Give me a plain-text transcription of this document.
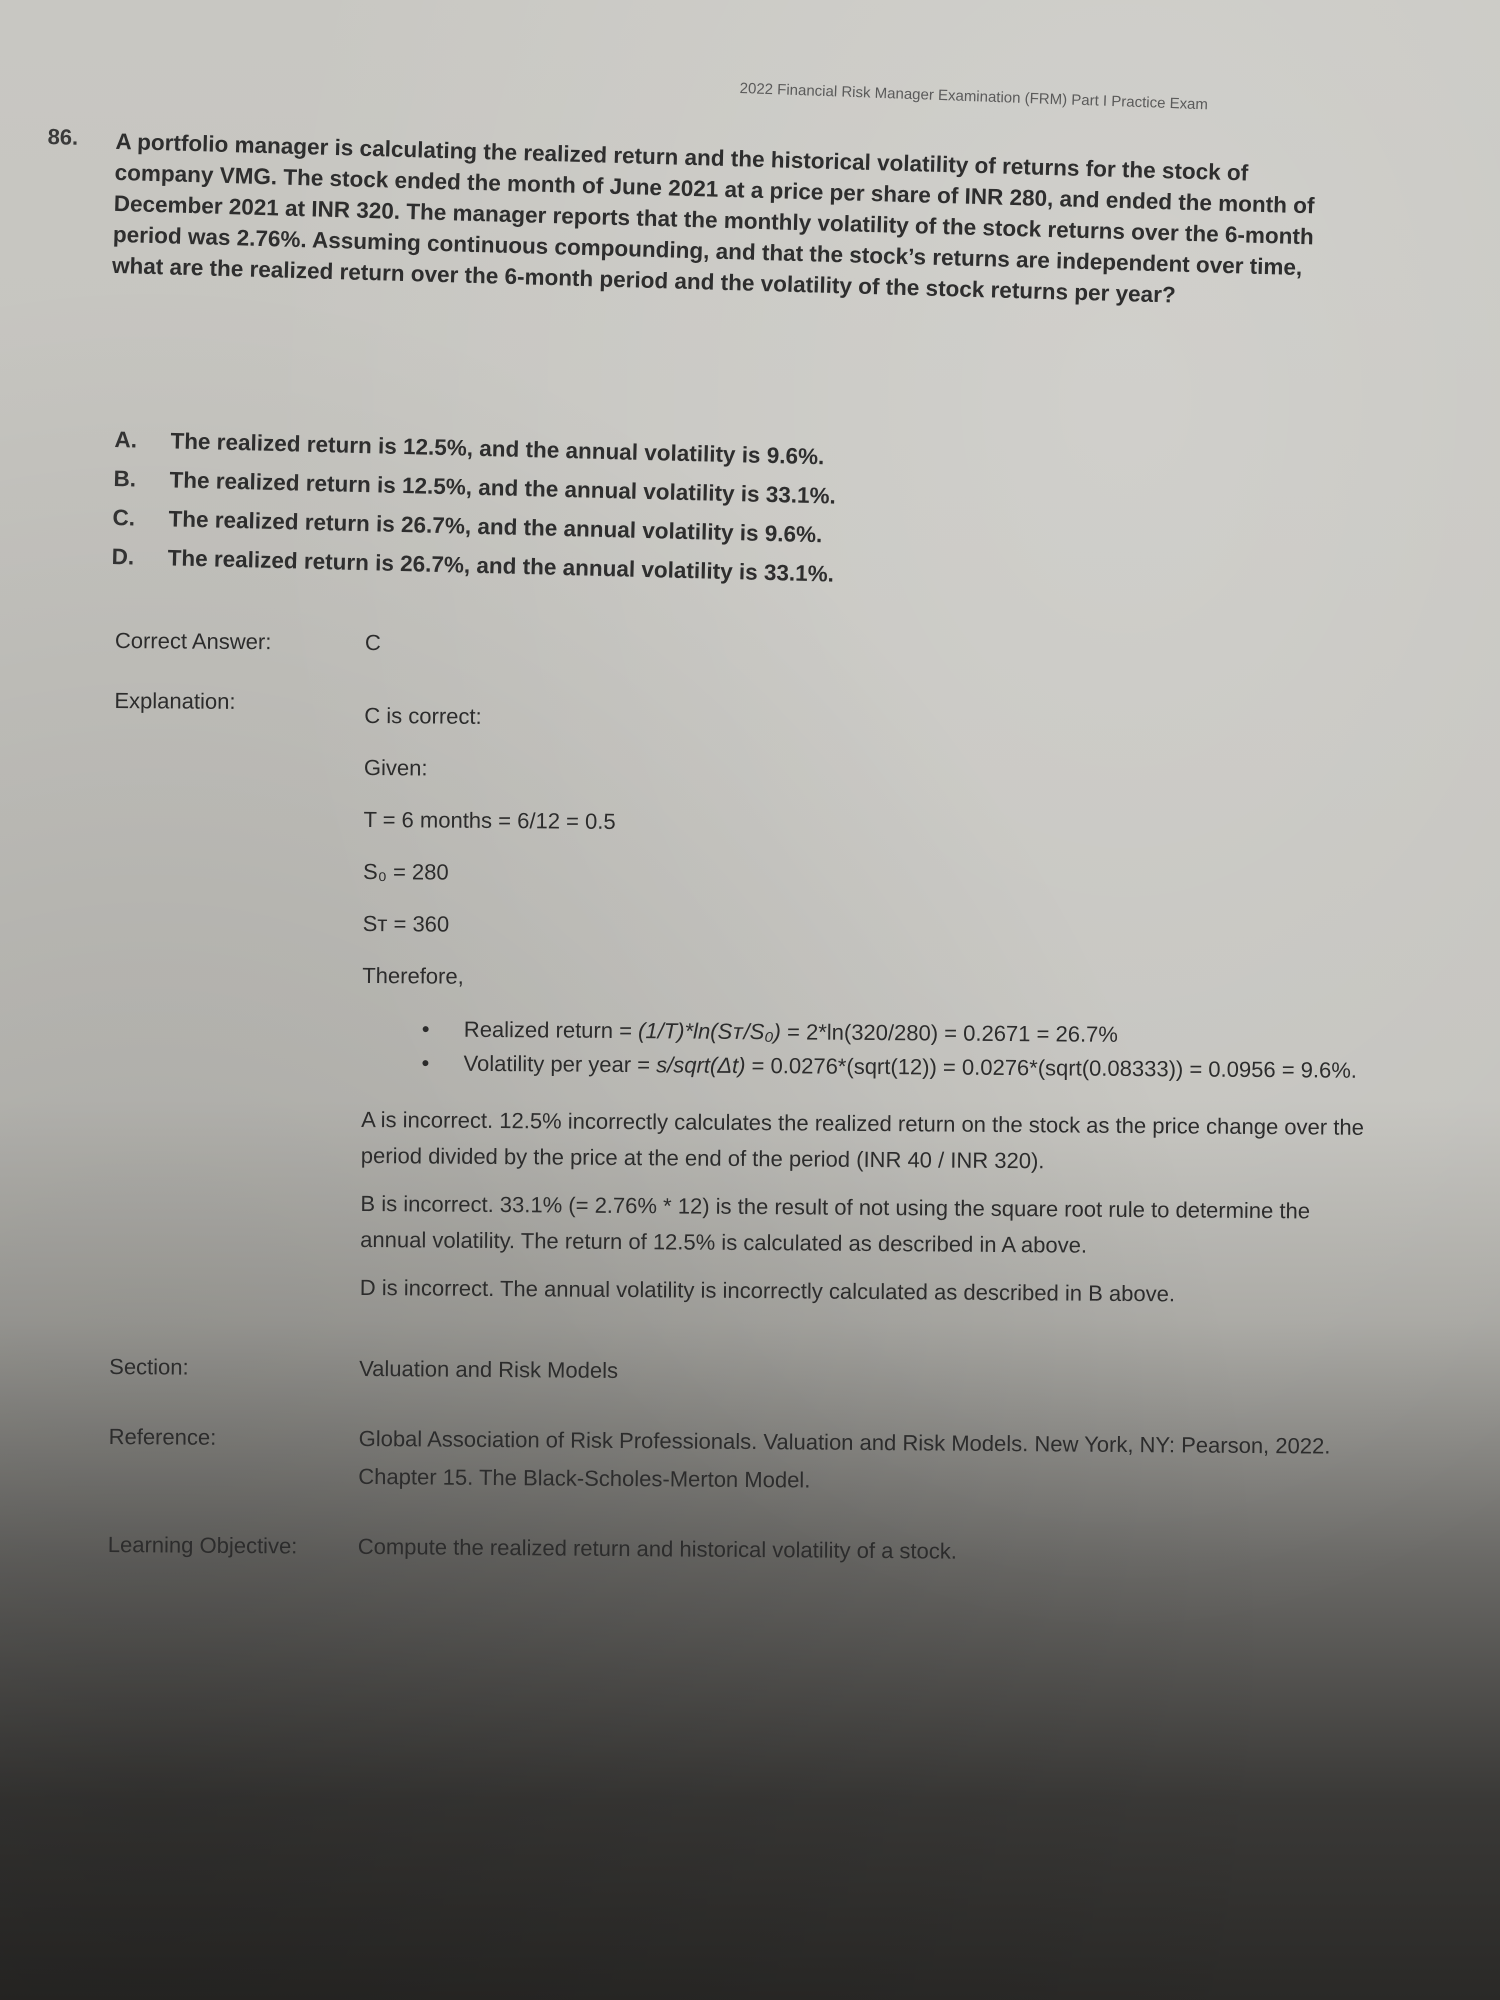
2022 Financial Risk Manager Examination (FRM) Part I Practice Exam
86. A portfolio manager is calculating the realized return and the historical volatility of returns for the stock of company VMG. The stock ended the month of June 2021 at a price per share of INR 280, and ended the month of December 2021 at INR 320. The manager reports that the monthly volatility of the stock returns over the 6-month period was 2.76%. Assuming continuous compounding, and that the stock’s returns are independent over time, what are the realized return over the 6-month period and the volatility of the stock returns per year?
A.	The realized return is 12.5%, and the annual volatility is 9.6%.
B.	The realized return is 12.5%, and the annual volatility is 33.1%.
C.	The realized return is 26.7%, and the annual volatility is 9.6%.
D.	The realized return is 26.7%, and the annual volatility is 33.1%.
Correct Answer:	C
Explanation:
C is correct:
Given:
T = 6 months = 6/12 = 0.5
S₀ = 280
Sᴛ = 360
Therefore,
• Realized return = (1/T)*ln(Sᴛ/S₀) = 2*ln(320/280) = 0.2671 = 26.7%
• Volatility per year = s/sqrt(Δt) = 0.0276*(sqrt(12)) = 0.0276*(sqrt(0.08333)) = 0.0956 = 9.6%.
A is incorrect. 12.5% incorrectly calculates the realized return on the stock as the price change over the period divided by the price at the end of the period (INR 40 / INR 320).
B is incorrect. 33.1% (= 2.76% * 12) is the result of not using the square root rule to determine the annual volatility. The return of 12.5% is calculated as described in A above.
D is incorrect. The annual volatility is incorrectly calculated as described in B above.
Section:	Valuation and Risk Models
Reference:	Global Association of Risk Professionals. Valuation and Risk Models. New York, NY: Pearson, 2022. Chapter 15. The Black-Scholes-Merton Model.
Learning Objective:	Compute the realized return and historical volatility of a stock.
